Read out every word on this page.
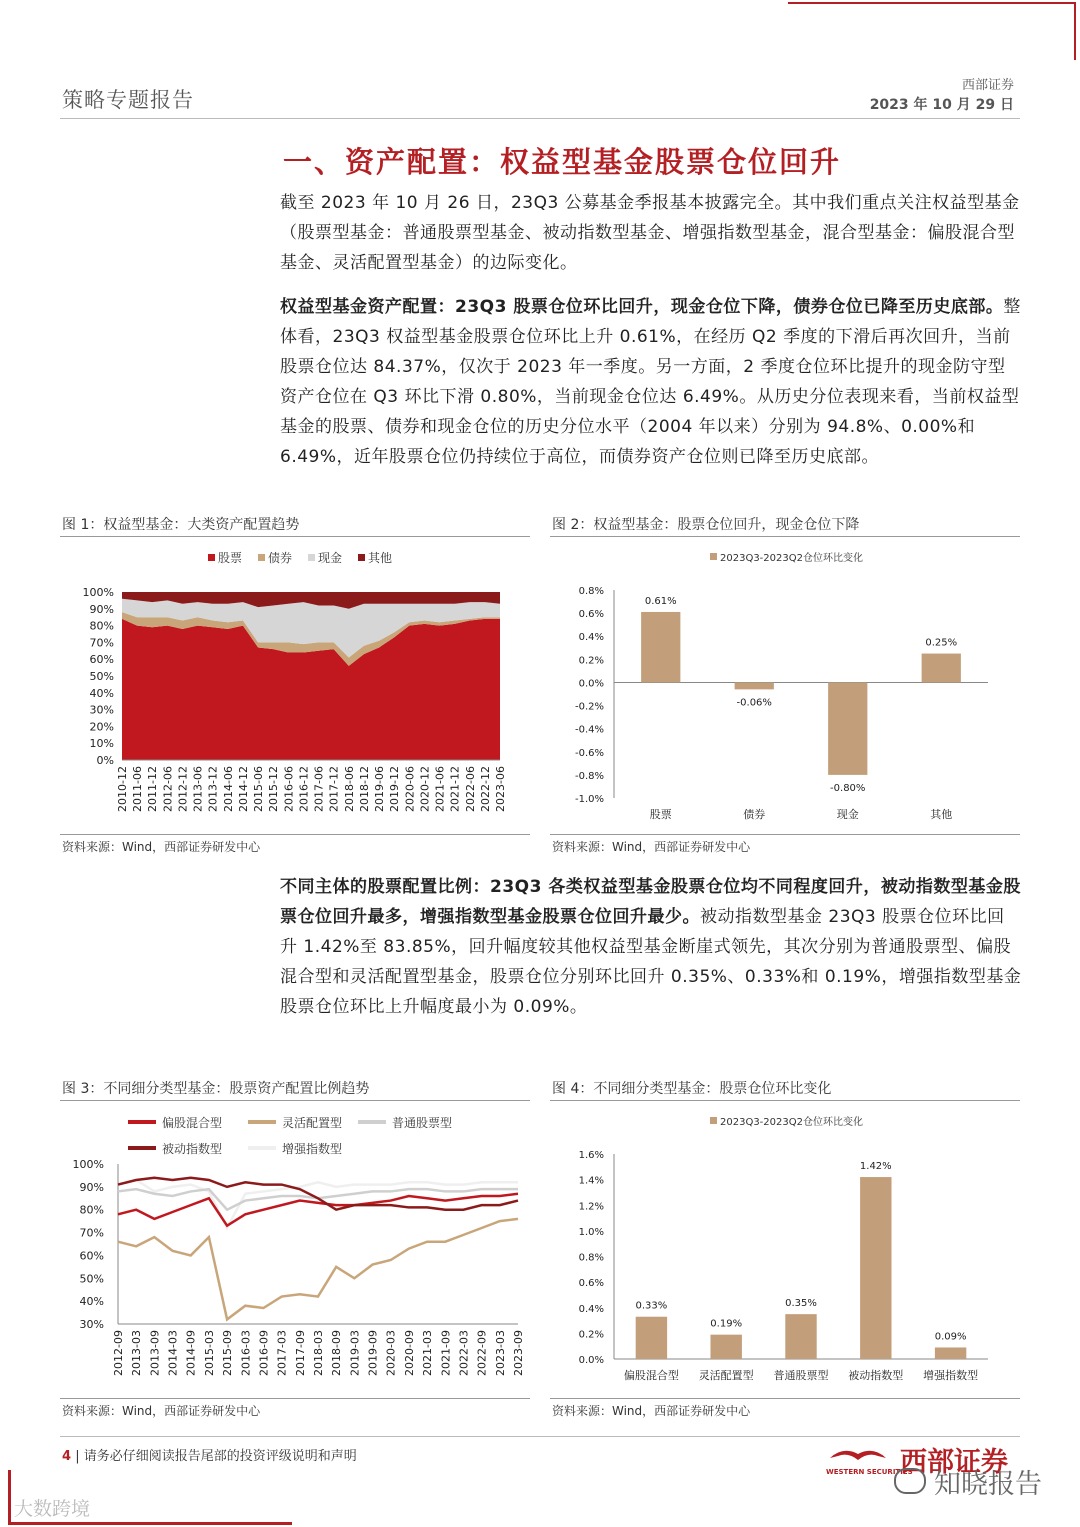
策略专题报告
西部证券
2023 年 10 月 29 日
一、资产配置：权益型基金股票仓位回升
截至 2023 年 10 月 26 日，23Q3 公募基金季报基本披露完全。其中我们重点关注权益型基金（股票型基金：普通股票型基金、被动指数型基金、增强指数型基金，混合型基金：偏股混合型基金、灵活配置型基金）的边际变化。
权益型基金资产配置：23Q3 股票仓位环比回升，现金仓位下降，债券仓位已降至历史底部。整体看，23Q3 权益型基金股票仓位环比上升 0.61%，在经历 Q2 季度的下滑后再次回升，当前股票仓位达 84.37%，仅次于 2023 年一季度。另一方面，2 季度仓位环比提升的现金防守型资产仓位在 Q3 环比下滑 0.80%，当前现金仓位达 6.49%。从历史分位表现来看，当前权益型基金的股票、债券和现金仓位的历史分位水平（2004 年以来）分别为 94.8%、0.00%和 6.49%，近年股票仓位仍持续位于高位，而债券资产仓位则已降至历史底部。
图 1：权益型基金：大类资产配置趋势
股票 债券 现金 其他
0%
10%
20%
30%
40%
50%
60%
70%
80%
90%
100%
2010-12 2011-06 2011-12 2012-06 2012-12 2013-06 2013-12 2014-06 2014-12 2015-06 2015-12 2016-06 2016-12 2017-06 2017-12 2018-06 2018-12 2019-06 2019-12 2020-06 2020-12 2021-06 2021-12 2022-06 2022-12 2023-06
资料来源：Wind，西部证券研发中心
图 2：权益型基金：股票仓位回升，现金仓位下降
2023Q3-2023Q2仓位环比变化
0.8%
0.6%
0.4%
0.2%
0.0%
-0.2%
-0.4%
-0.6%
-0.8%
-1.0%
0.61%
股票
-0.06%
债券
-0.80%
现金
0.25%
其他
资料来源：Wind，西部证券研发中心
不同主体的股票配置比例：23Q3 各类权益型基金股票仓位均不同程度回升，被动指数型基金股票仓位回升最多，增强指数型基金股票仓位回升最少。被动指数型基金 23Q3 股票仓位环比回升 1.42%至 83.85%，回升幅度较其他权益型基金断崖式领先，其次分别为普通股票型、偏股混合型和灵活配置型基金，股票仓位分别环比回升 0.35%、0.33%和 0.19%，增强指数型基金股票仓位环比上升幅度最小为 0.09%。
图 3：不同细分类型基金：股票资产配置比例趋势
偏股混合型	灵活配置型	普通股票型
被动指数型	增强指数型
100%
90%
80%
70%
60%
50%
40%
30%
2012-09 2013-03 2013-09 2014-03 2014-09 2015-03 2015-09 2016-03 2016-09 2017-03 2017-09 2018-03 2018-09 2019-03 2019-09 2020-03 2020-09 2021-03 2021-09 2022-03 2022-09 2023-03 2023-09
资料来源：Wind，西部证券研发中心
图 4：不同细分类型基金：股票仓位环比变化
2023Q3-2023Q2仓位环比变化
1.6%
1.4%
1.2%
1.0%
0.8%
0.6%
0.4%
0.2%
0.0%
0.33%
偏股混合型
0.19%
灵活配置型
0.35%
普通股票型
1.42%
被动指数型
0.09%
增强指数型
资料来源：Wind，西部证券研发中心
4 | 请务必仔细阅读报告尾部的投资评级说明和声明
WESTERN SECURITIES
西部证券
知晓报告
大数跨境
